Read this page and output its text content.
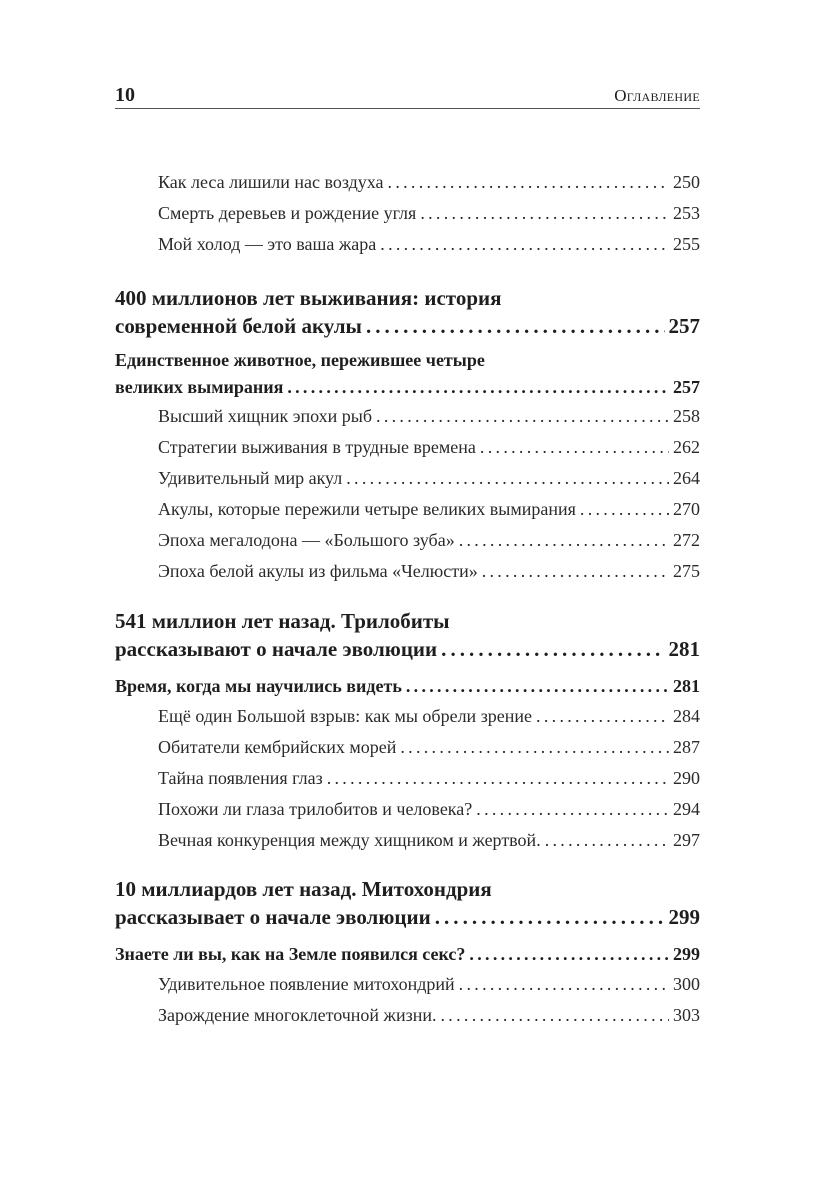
10	Оглавление
Как леса лишили нас воздуха . . .	250
Смерть деревьев и рождение угля . . .	253
Мой холод — это ваша жара . . .	255
400 миллионов лет выживания: история
современной белой акулы . . .	257
Единственное животное, пережившее четыре
великих вымирания . . .	257
Высший хищник эпохи рыб . . .	258
Стратегии выживания в трудные времена . . .	262
Удивительный мир акул . . .	264
Акулы, которые пережили четыре великих вымирания . . .	270
Эпоха мегалодона — «Большого зуба» . . .	272
Эпоха белой акулы из фильма «Челюсти» . . .	275
541 миллион лет назад. Трилобиты
рассказывают о начале эволюции . . .	281
Время, когда мы научились видеть . . .	281
Ещё один Большой взрыв: как мы обрели зрение . . .	284
Обитатели кембрийских морей . . .	287
Тайна появления глаз . . .	290
Похожи ли глаза трилобитов и человека? . . .	294
Вечная конкуренция между хищником и жертвой. . . .	297
10 миллиардов лет назад. Митохондрия
рассказывает о начале эволюции . . .	299
Знаете ли вы, как на Земле появился секс? . . .	299
Удивительное появление митохондрий . . .	300
Зарождение многоклеточной жизни. . . .	303
